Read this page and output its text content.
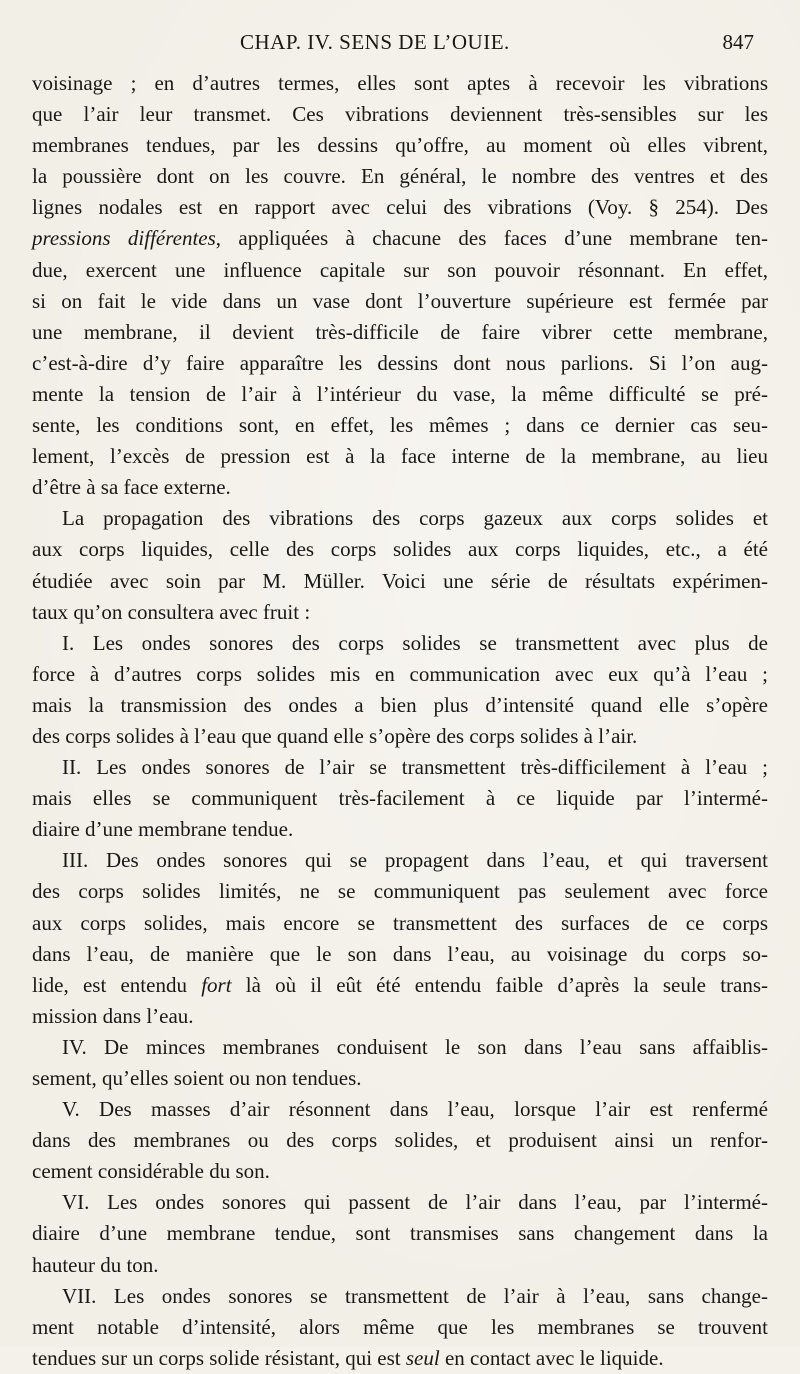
CHAP. IV. SENS DE L’OUIE.	847
voisinage ; en d’autres termes, elles sont aptes à recevoir les vibrations
que l’air leur transmet. Ces vibrations deviennent très-sensibles sur les
membranes tendues, par les dessins qu’offre, au moment où elles vibrent,
la poussière dont on les couvre. En général, le nombre des ventres et des
lignes nodales est en rapport avec celui des vibrations (Voy. § 254). Des
pressions différentes, appliquées à chacune des faces d’une membrane ten-
due, exercent une influence capitale sur son pouvoir résonnant. En effet,
si on fait le vide dans un vase dont l’ouverture supérieure est fermée par
une membrane, il devient très-difficile de faire vibrer cette membrane,
c’est-à-dire d’y faire apparaître les dessins dont nous parlions. Si l’on aug-
mente la tension de l’air à l’intérieur du vase, la même difficulté se pré-
sente, les conditions sont, en effet, les mêmes ; dans ce dernier cas seu-
lement, l’excès de pression est à la face interne de la membrane, au lieu
d’être à sa face externe.
La propagation des vibrations des corps gazeux aux corps solides et
aux corps liquides, celle des corps solides aux corps liquides, etc., a été
étudiée avec soin par M. Müller. Voici une série de résultats expérimen-
taux qu’on consultera avec fruit :
I. Les ondes sonores des corps solides se transmettent avec plus de
force à d’autres corps solides mis en communication avec eux qu’à l’eau ;
mais la transmission des ondes a bien plus d’intensité quand elle s’opère
des corps solides à l’eau que quand elle s’opère des corps solides à l’air.
II. Les ondes sonores de l’air se transmettent très-difficilement à l’eau ;
mais elles se communiquent très-facilement à ce liquide par l’intermé-
diaire d’une membrane tendue.
III. Des ondes sonores qui se propagent dans l’eau, et qui traversent
des corps solides limités, ne se communiquent pas seulement avec force
aux corps solides, mais encore se transmettent des surfaces de ce corps
dans l’eau, de manière que le son dans l’eau, au voisinage du corps so-
lide, est entendu fort là où il eût été entendu faible d’après la seule trans-
mission dans l’eau.
IV. De minces membranes conduisent le son dans l’eau sans affaiblis-
sement, qu’elles soient ou non tendues.
V. Des masses d’air résonnent dans l’eau, lorsque l’air est renfermé
dans des membranes ou des corps solides, et produisent ainsi un renfor-
cement considérable du son.
VI. Les ondes sonores qui passent de l’air dans l’eau, par l’intermé-
diaire d’une membrane tendue, sont transmises sans changement dans la
hauteur du ton.
VII. Les ondes sonores se transmettent de l’air à l’eau, sans change-
ment notable d’intensité, alors même que les membranes se trouvent
tendues sur un corps solide résistant, qui est seul en contact avec le liquide.
